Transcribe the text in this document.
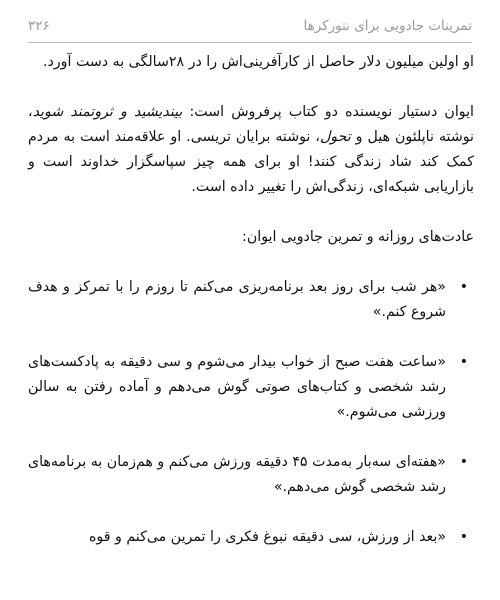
تمرینات جادویی برای نتورکرها
۳۲۶

او اولین میلیون دلار حاصل از کارآفرینی‌اش را در ۲۸سالگی به دست آورد.

ایوان دستیار نویسنده دو کتاب پرفروش است: بیندیشید و ثروتمند شوید، نوشته ناپلئون هیل و تحول، نوشته برایان تریسی. او علاقه‌مند است به مردم کمک کند شاد زندگی کنند! او برای همه چیز سپاسگزار خداوند است و بازاریابی شبکه‌ای، زندگی‌اش را تغییر داده است.

عادت‌های روزانه و تمرین جادویی ایوان:

•
«هر شب برای روز بعد برنامه‌ریزی می‌کنم تا روزم را با تمرکز و هدف شروع کنم.»
•
«ساعت هفت صبح از خواب بیدار می‌شوم و سی دقیقه به پادکست‌های رشد شخصی و کتاب‌های صوتی گوش می‌دهم و آماده رفتن به سالن ورزشی می‌شوم.»
•
«هفته‌ای سه‌بار به‌مدت ۴۵ دقیقه ورزش می‌کنم و هم‌زمان به برنامه‌های رشد شخصی گوش می‌دهم.»
•
«بعد از ورزش، سی دقیقه نبوغ فکری را تمرین می‌کنم و قوه
